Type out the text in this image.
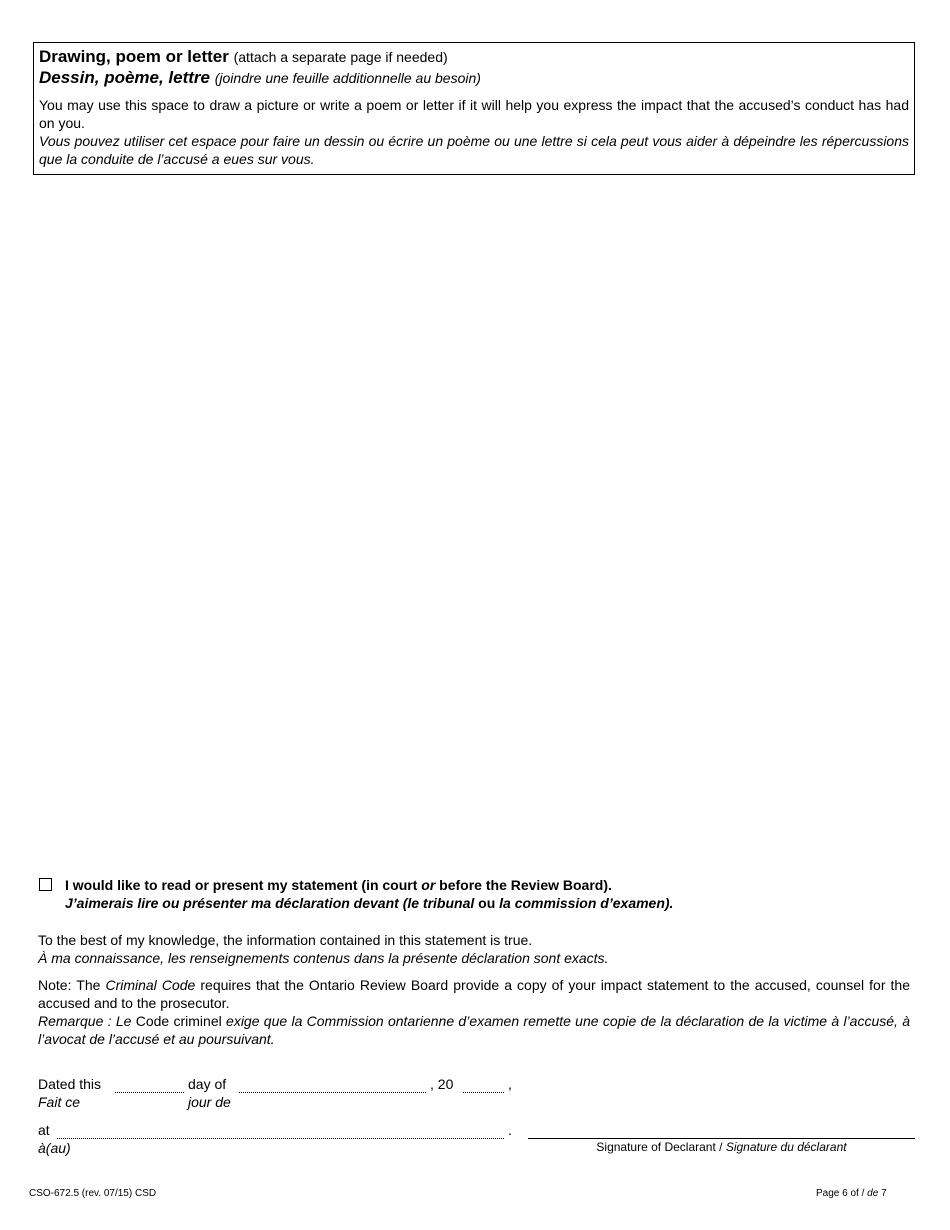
Drawing, poem or letter (attach a separate page if needed)
Dessin, poème, lettre (joindre une feuille additionnelle au besoin)
You may use this space to draw a picture or write a poem or letter if it will help you express the impact that the accused’s conduct has had on you.
Vous pouvez utiliser cet espace pour faire un dessin ou écrire un poème ou une lettre si cela peut vous aider à dépeindre les répercussions que la conduite de l’accusé a eues sur vous.
I would like to read or present my statement (in court or before the Review Board).
J’aimerais lire ou présenter ma déclaration devant (le tribunal ou la commission d’examen).
To the best of my knowledge, the information contained in this statement is true.
À ma connaissance, les renseignements contenus dans la présente déclaration sont exacts.
Note: The Criminal Code requires that the Ontario Review Board provide a copy of your impact statement to the accused, counsel for the accused and to the prosecutor.
Remarque : Le Code criminel exige que la Commission ontarienne d’examen remette une copie de la déclaration de la victime à l’accusé, à l’avocat de l’accusé et au poursuivant.
Dated this
Fait ce
day of
jour de
, 20	,
at
à(au)
.
Signature of Declarant / Signature du déclarant
CSO-672.5 (rev. 07/15) CSD	Page 6 of / de 7
